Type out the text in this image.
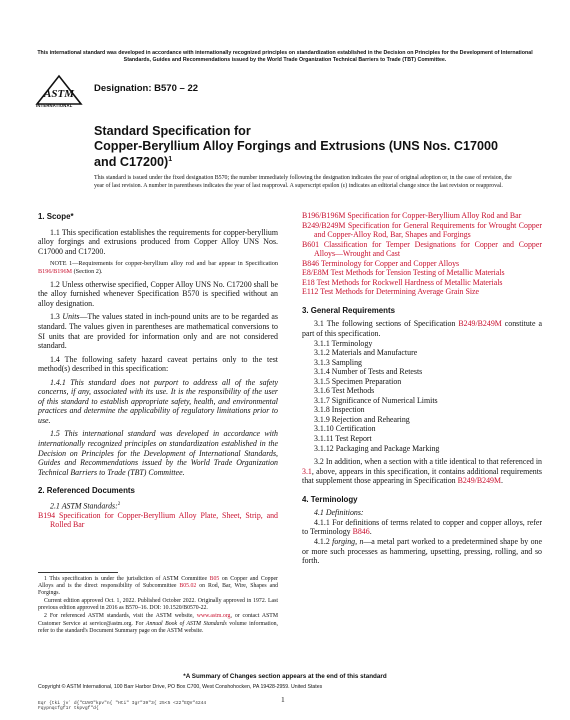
This international standard was developed in accordance with internationally recognized principles on standardization established in the Decision on Principles for the Development of International Standards, Guides and Recommendations issued by the World Trade Organization Technical Barriers to Trade (TBT) Committee.
ASTM
INTERNATIONAL
Designation: B570 – 22
Standard Specification for
Copper-Beryllium Alloy Forgings and Extrusions (UNS Nos. C17000 and C17200)$^1$
This standard is issued under the fixed designation B570; the number immediately following the designation indicates the year of original adoption or, in the case of revision, the year of last revision. A number in parentheses indicates the year of last reapproval. A superscript epsilon (ε) indicates an editorial change since the last revision or reapproval.
1. Scope*

1.1 This specification establishes the requirements for copper-beryllium alloy forgings and extrusions produced from Copper Alloy UNS Nos. C17000 and C17200.

NOTE 1—Requirements for copper-beryllium alloy rod and bar appear in Specification B196/B196M (Section 2).

1.2 Unless otherwise specified, Copper Alloy UNS No. C17200 shall be the alloy furnished whenever Specification B570 is specified without an alloy designation.

1.3 Units—The values stated in inch-pound units are to be regarded as standard. The values given in parentheses are mathematical conversions to SI units that are provided for information only and are not considered standard.

1.4 The following safety hazard caveat pertains only to the test method(s) described in this specification:

1.4.1 This standard does not purport to address all of the safety concerns, if any, associated with its use. It is the responsibility of the user of this standard to establish appropriate safety, health, and environmental practices and determine the applicability of regulatory limitations prior to use.

1.5 This international standard was developed in accordance with internationally recognized principles on standardization established in the Decision on Principles for the Development of International Standards, Guides and Recommendations issued by the World Trade Organization Technical Barriers to Trade (TBT) Committee.

2. Referenced Documents

2.1 ASTM Standards:$^2$

B194 Specification for Copper-Beryllium Alloy Plate, Sheet, Strip, and Rolled Bar

1 This specification is under the jurisdiction of ASTM Committee B05 on Copper and Copper Alloys and is the direct responsibility of Subcommittee B05.02 on Rod, Bar, Wire, Shapes and Forgings.

Current edition approved Oct. 1, 2022. Published October 2022. Originally approved in 1972. Last previous edition approved in 2016 as B570–16. DOI: 10.1520/B0570-22.

2 For referenced ASTM standards, visit the ASTM website, www.astm.org, or contact ASTM Customer Service at service@astm.org. For Annual Book of ASTM Standards volume information, refer to the standard's Document Summary page on the ASTM website.

B196/B196M Specification for Copper-Beryllium Alloy Rod and Bar

B249/B249M Specification for General Requirements for Wrought Copper and Copper-Alloy Rod, Bar, Shapes and Forgings

B601 Classification for Temper Designations for Copper and Copper Alloys—Wrought and Cast

B846 Terminology for Copper and Copper Alloys

E8/E8M Test Methods for Tension Testing of Metallic Materials

E18 Test Methods for Rockwell Hardness of Metallic Materials

E112 Test Methods for Determining Average Grain Size

3. General Requirements

3.1 The following sections of Specification B249/B249M constitute a part of this specification.

3.1.1 Terminology
3.1.2 Materials and Manufacture
3.1.3 Sampling
3.1.4 Number of Tests and Retests
3.1.5 Specimen Preparation
3.1.6 Test Methods
3.1.7 Significance of Numerical Limits
3.1.8 Inspection
3.1.9 Rejection and Rehearing
3.1.10 Certification
3.1.11 Test Report
3.1.12 Packaging and Package Marking

3.2 In addition, when a section with a title identical to that referenced in 3.1, above, appears in this specification, it contains additional requirements that supplement those appearing in Specification B249/B249M.

4. Terminology

4.1 Definitions:

4.1.1 For definitions of terms related to copper and copper alloys, refer to Terminology B846.

4.1.2 forging, n—a metal part worked to a predetermined shape by one or more such processes as hammering, upsetting, pressing, rolling, and so forth.

*A Summary of Changes section appears at the end of this standard
Copyright © ASTM International, 100 Barr Harbor Drive, PO Box C700, West Conshohocken, PA 19428-2959. United States
1
Eqr {tki jvʼ d{"CUVO"kpv"n{ "Hti" Igr"39"3{ 25<5 <22"EQV"4244
Fqypnqcfgf1r tkpvgf"d{
